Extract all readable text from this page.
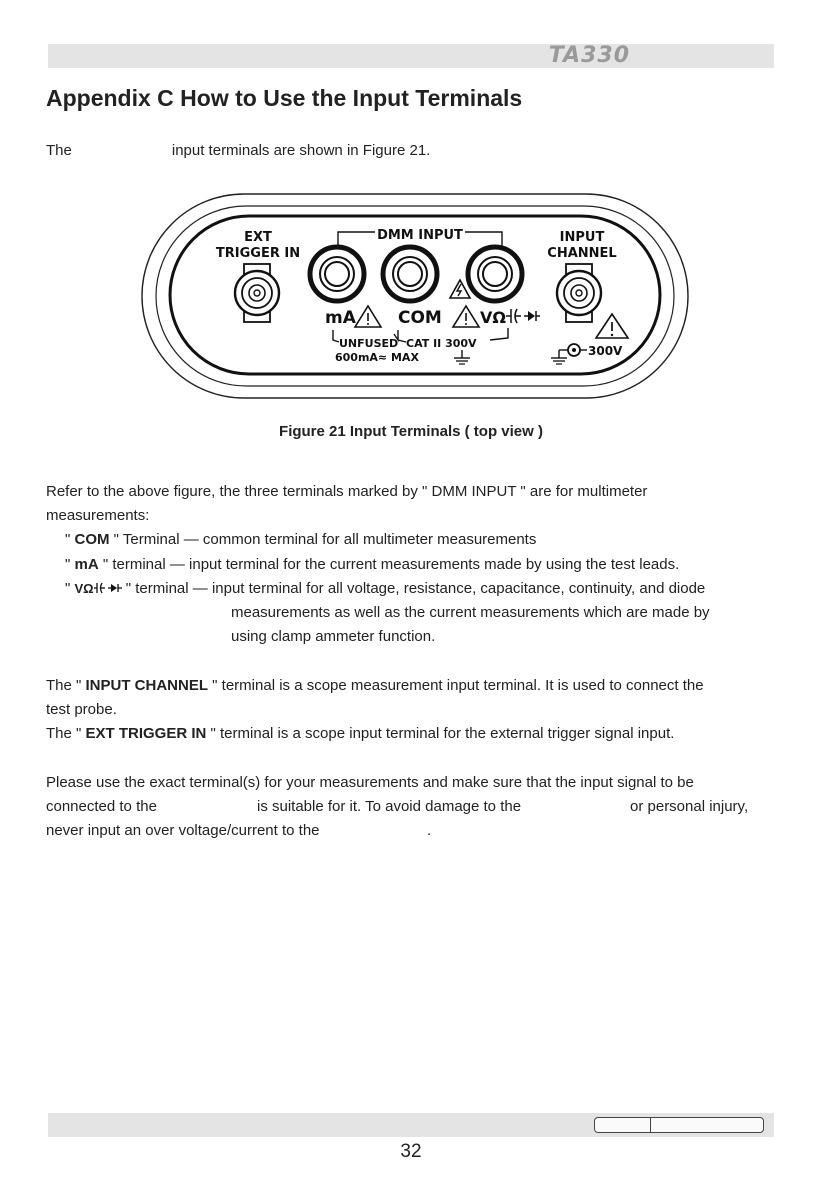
TA330
Appendix C How to Use the Input Terminals
The	input terminals are shown in Figure 21.
EXT
TRIGGER IN
DMM INPUT	INPUT
CHANNEL
mA COM VΩ
UNFUSED CAT II 300V
600mA≈ MAX	300V
Figure 21 Input Terminals ( top view )
Refer to the above figure, the three terminals marked by " DMM INPUT " are for multimeter
measurements:
" COM " Terminal — common terminal for all multimeter measurements
" mA " terminal — input terminal for the current measurements made by using the test leads.
" VΩ " terminal — input terminal for all voltage, resistance, capacitance, continuity, and diode
measurements as well as the current measurements which are made by
using clamp ammeter function.
The " INPUT CHANNEL " terminal is a scope measurement input terminal. It is used to connect the
test probe.
The " EXT TRIGGER IN " terminal is a scope input terminal for the external trigger signal input.
Please use the exact terminal(s) for your measurements and make sure that the input signal to be
connected to the	is suitable for it. To avoid damage to the	or personal injury,
never input an over voltage/current to the	.
32
